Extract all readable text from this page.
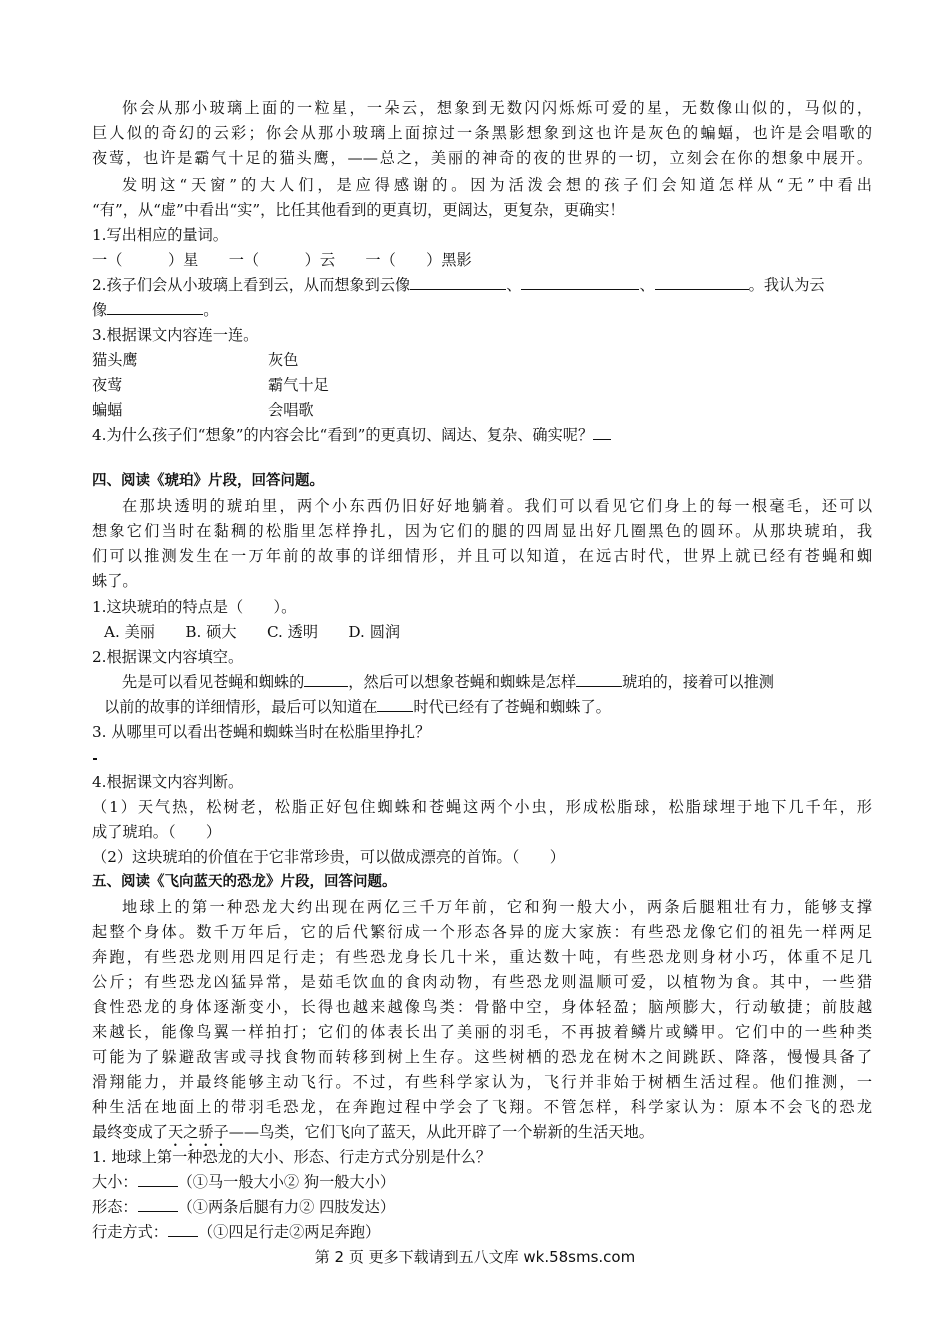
你会从那小玻璃上面的一粒星，一朵云，想象到无数闪闪烁烁可爱的星，无数像山似的，马似的，

巨人似的奇幻的云彩；你会从那小玻璃上面掠过一条黑影想象到这也许是灰色的蝙蝠，也许是会唱歌的

夜莺，也许是霸气十足的猫头鹰，——总之，美丽的神奇的夜的世界的一切，立刻会在你的想象中展开。

发明这“天窗”的大人们，是应得感谢的。因为活泼会想的孩子们会知道怎样从“无”中看出

“有”，从“虚”中看出“实”，比任其他看到的更真切，更阔达，更复杂，更确实！

1.写出相应的量词。

一（　　　）星　　一（　　　）云　　一（　　）黑影

2.孩子们会从小玻璃上看到云，从而想象到云像	、	、	。我认为云

像	。

3.根据课文内容连一连。

猫头鹰	灰色

夜莺	霸气十足

蝙蝠	会唱歌

4.为什么孩子们“想象”的内容会比“看到”的更真切、阔达、复杂、确实呢？

四、阅读《琥珀》片段，回答问题。

在那块透明的琥珀里，两个小东西仍旧好好地躺着。我们可以看见它们身上的每一根毫毛，还可以

想象它们当时在黏稠的松脂里怎样挣扎，因为它们的腿的四周显出好几圈黑色的圆环。从那块琥珀，我

们可以推测发生在一万年前的故事的详细情形，并且可以知道，在远古时代，世界上就已经有苍蝇和蜘

蛛了。

1.这块琥珀的特点是（　　）。

A. 美丽　　B. 硕大　　C. 透明　　D. 圆润

2.根据课文内容填空。

先是可以看见苍蝇和蜘蛛的	，然后可以想象苍蝇和蜘蛛是怎样	琥珀的，接着可以推测

以前的故事的详细情形，最后可以知道在 时代已经有了苍蝇和蜘蛛了。

3. 从哪里可以看出苍蝇和蜘蛛当时在松脂里挣扎？

4.根据课文内容判断。

（1）天气热，松树老，松脂正好包住蜘蛛和苍蝇这两个小虫，形成松脂球，松脂球埋于地下几千年，形

成了琥珀。（　　）

（2）这块琥珀的价值在于它非常珍贵，可以做成漂亮的首饰。（　　）

五、阅读《飞向蓝天的恐龙》片段，回答问题。

地球上的第一种恐龙大约出现在两亿三千万年前，它和狗一般大小，两条后腿粗壮有力，能够支撑

起整个身体。数千万年后，它的后代繁衍成一个形态各异的庞大家族：有些恐龙像它们的祖先一样两足

奔跑，有些恐龙则用四足行走；有些恐龙身长几十米，重达数十吨，有些恐龙则身材小巧，体重不足几

公斤；有些恐龙凶猛异常，是茹毛饮血的食肉动物，有些恐龙则温顺可爱，以植物为食。其中，一些猎

食性恐龙的身体逐渐变小，长得也越来越像鸟类：骨骼中空，身体轻盈；脑颅膨大，行动敏捷；前肢越

来越长，能像鸟翼一样拍打；它们的体表长出了美丽的羽毛，不再披着鳞片或鳞甲。它们中的一些种类

可能为了躲避敌害或寻找食物而转移到树上生存。这些树栖的恐龙在树木之间跳跃、降落，慢慢具备了

滑翔能力，并最终能够主动飞行。不过，有些科学家认为，飞行并非始于树栖生活过程。他们推测，一

种生活在地面上的带羽毛恐龙，在奔跑过程中学会了飞翔。不管怎样，科学家认为：原本不会飞的恐龙

最终变成了天之骄子——鸟类，它们飞向了蓝天，从此开辟了一个崭新的生活天地。

1. 地球上第一种恐龙的大小、形态、行走方式分别是什么？

大小：	（①马一般大小② 狗一般大小）

形态：	（①两条后腿有力② 四肢发达）

行走方式： （①四足行走②两足奔跑）

第 2 页 更多下载请到五八文库 wk.58sms.com
